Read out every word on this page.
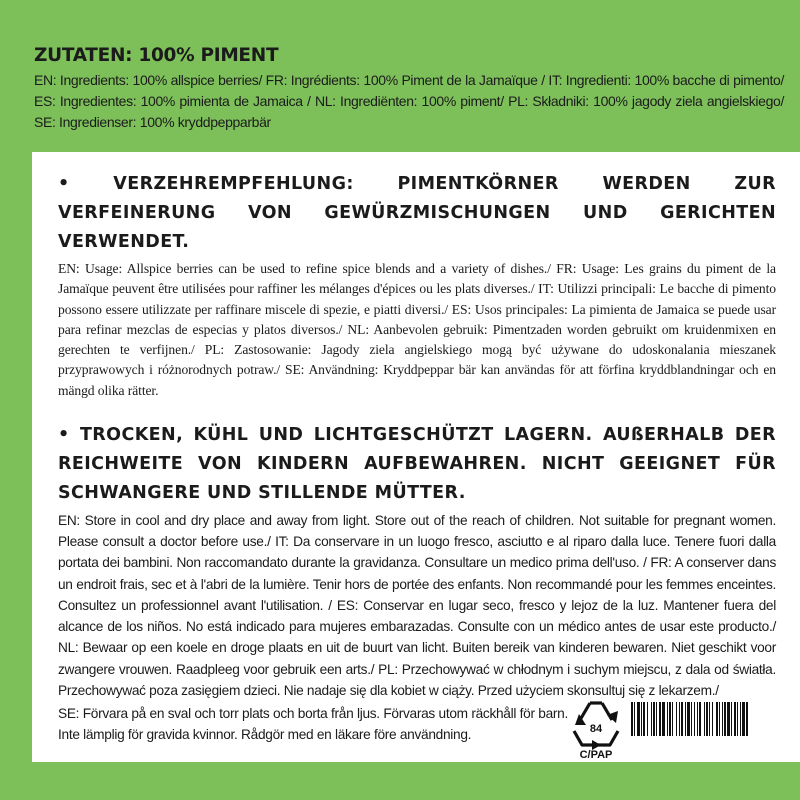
ZUTATEN: 100% PIMENT
EN: Ingredients: 100% allspice berries/ FR: Ingrédients: 100% Piment de la Jamaïque / IT: Ingredienti: 100% bacche di pimento/ ES: Ingredientes: 100% pimienta de Jamaica / NL: Ingrediënten: 100% piment/ PL: Składniki: 100% jagody ziela angielskiego/ SE: Ingredienser: 100% kryddpepparbär
• VERZEHREMPFEHLUNG: PIMENTKÖRNER WERDEN ZUR VERFEINERUNG VON GEWÜRZMISCHUNGEN UND GERICHTEN VERWENDET.

EN: Usage: Allspice berries can be used to refine spice blends and a variety of dishes./ FR: Usage: Les grains du piment de la Jamaïque peuvent être utilisées pour raffiner les mélanges d'épices ou les plats diverses./ IT: Utilizzi principali: Le bacche di pimento possono essere utilizzate per raffinare miscele di spezie, e piatti diversi./ ES: Usos principales: La pimienta de Jamaica se puede usar para refinar mezclas de especias y platos diversos./ NL: Aanbevolen gebruik: Pimentzaden worden gebruikt om kruidenmixen en gerechten te verfijnen./ PL: Zastosowanie: Jagody ziela angielskiego mogą być używane do udoskonalania mieszanek przyprawowych i różnorodnych potraw./ SE: Användning: Kryddpeppar bär kan användas för att förfina kryddblandningar och en mängd olika rätter.

• TROCKEN, KÜHL UND LICHTGESCHÜTZT LAGERN. AUßERHALB DER REICHWEITE VON KINDERN AUFBEWAHREN. NICHT GEEIGNET FÜR SCHWANGERE UND STILLENDE MÜTTER.

EN: Store in cool and dry place and away from light. Store out of the reach of children. Not suitable for pregnant women. Please consult a doctor before use./ IT: Da conservare in un luogo fresco, asciutto e al riparo dalla luce. Tenere fuori dalla portata dei bambini. Non raccomandato durante la gravidanza. Consultare un medico prima dell'uso. / FR: A conserver dans un endroit frais, sec et à l'abri de la lumière. Tenir hors de portée des enfants. Non recommandé pour les femmes enceintes. Consultez un professionnel avant l'utilisation. / ES: Conservar en lugar seco, fresco y lejoz de la luz. Mantener fuera del alcance de los niños. No está indicado para mujeres embarazadas. Consulte con un médico antes de usar este producto./ NL: Bewaar op een koele en droge plaats en uit de buurt van licht. Buiten bereik van kinderen bewaren. Niet geschikt voor zwangere vrouwen. Raadpleeg voor gebruik een arts./ PL: Przechowywać w chłodnym i suchym miejscu, z dala od światła. Przechowywać poza zasięgiem dzieci. Nie nadaje się dla kobiet w ciąży. Przed użyciem skonsultuj się z lekarzem./

SE: Förvara på en sval och torr plats och borta från ljus. Förvaras utom räckhåll för barn. Inte lämplig för gravida kvinnor. Rådgör med en läkare före användning.	84
C/PAP
